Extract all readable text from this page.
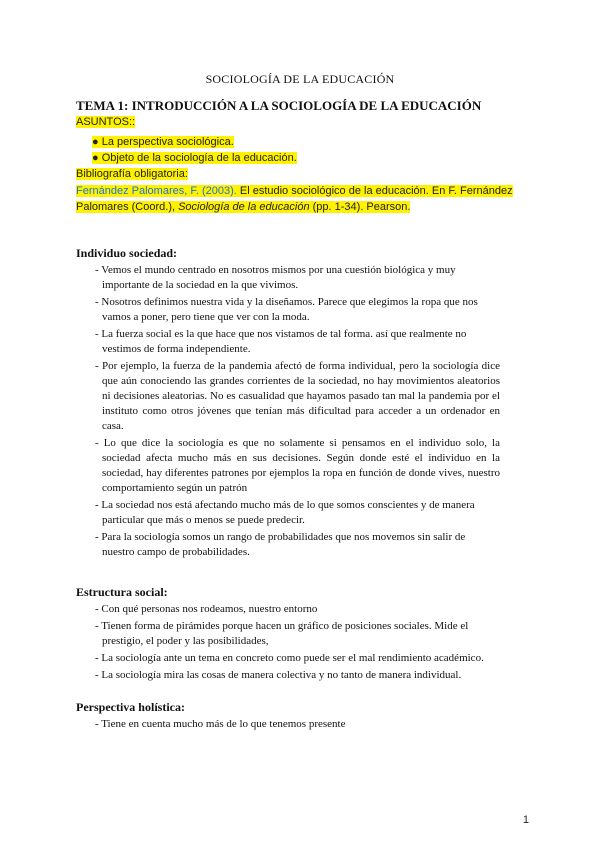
SOCIOLOGÍA DE LA EDUCACIÓN
TEMA 1: INTRODUCCIÓN A LA SOCIOLOGÍA DE LA EDUCACIÓN
ASUNTOS::
● La perspectiva sociológica.
● Objeto de la sociología de la educación.
Bibliografía obligatoria:
Fernández Palomares, F. (2003). El estudio sociológico de la educación. En F. Fernández Palomares (Coord.), Sociología de la educación (pp. 1-34). Pearson.
Individuo sociedad:
- Vemos el mundo centrado en nosotros mismos por una cuestión biológica y muy importante de la sociedad en la que vivimos.
- Nosotros definimos nuestra vida y la diseñamos. Parece que elegimos la ropa que nos vamos a poner, pero tiene que ver con la moda.
- La fuerza social es la que hace que nos vistamos de tal forma. así que realmente no vestimos de forma independiente.
- Por ejemplo, la fuerza de la pandemia afectó de forma individual, pero la sociología dice que aún conociendo las grandes corrientes de la sociedad, no hay movimientos aleatorios ni decisiones aleatorias. No es casualidad que hayamos pasado tan mal la pandemia por el instituto como otros jóvenes que tenían más dificultad para acceder a un ordenador en casa.
- Lo que dice la sociología es que no solamente si pensamos en el individuo solo, la sociedad afecta mucho más en sus decisiones. Según donde esté el individuo en la sociedad, hay diferentes patrones por ejemplos la ropa en función de donde vives, nuestro comportamiento según un patrón
- La sociedad nos está afectando mucho más de lo que somos conscientes y de manera particular que más o menos se puede predecir.
- Para la sociología somos un rango de probabilidades que nos movemos sin salir de nuestro campo de probabilidades.
Estructura social:
- Con qué personas nos rodeamos, nuestro entorno
- Tienen forma de pirámides porque hacen un gráfico de posiciones sociales. Mide el prestigio, el poder y las posibilidades,
- La sociología ante un tema en concreto como puede ser el mal rendimiento académico.
- La sociología mira las cosas de manera colectiva y no tanto de manera individual.
Perspectiva holística:
- Tiene en cuenta mucho más de lo que tenemos presente
1
